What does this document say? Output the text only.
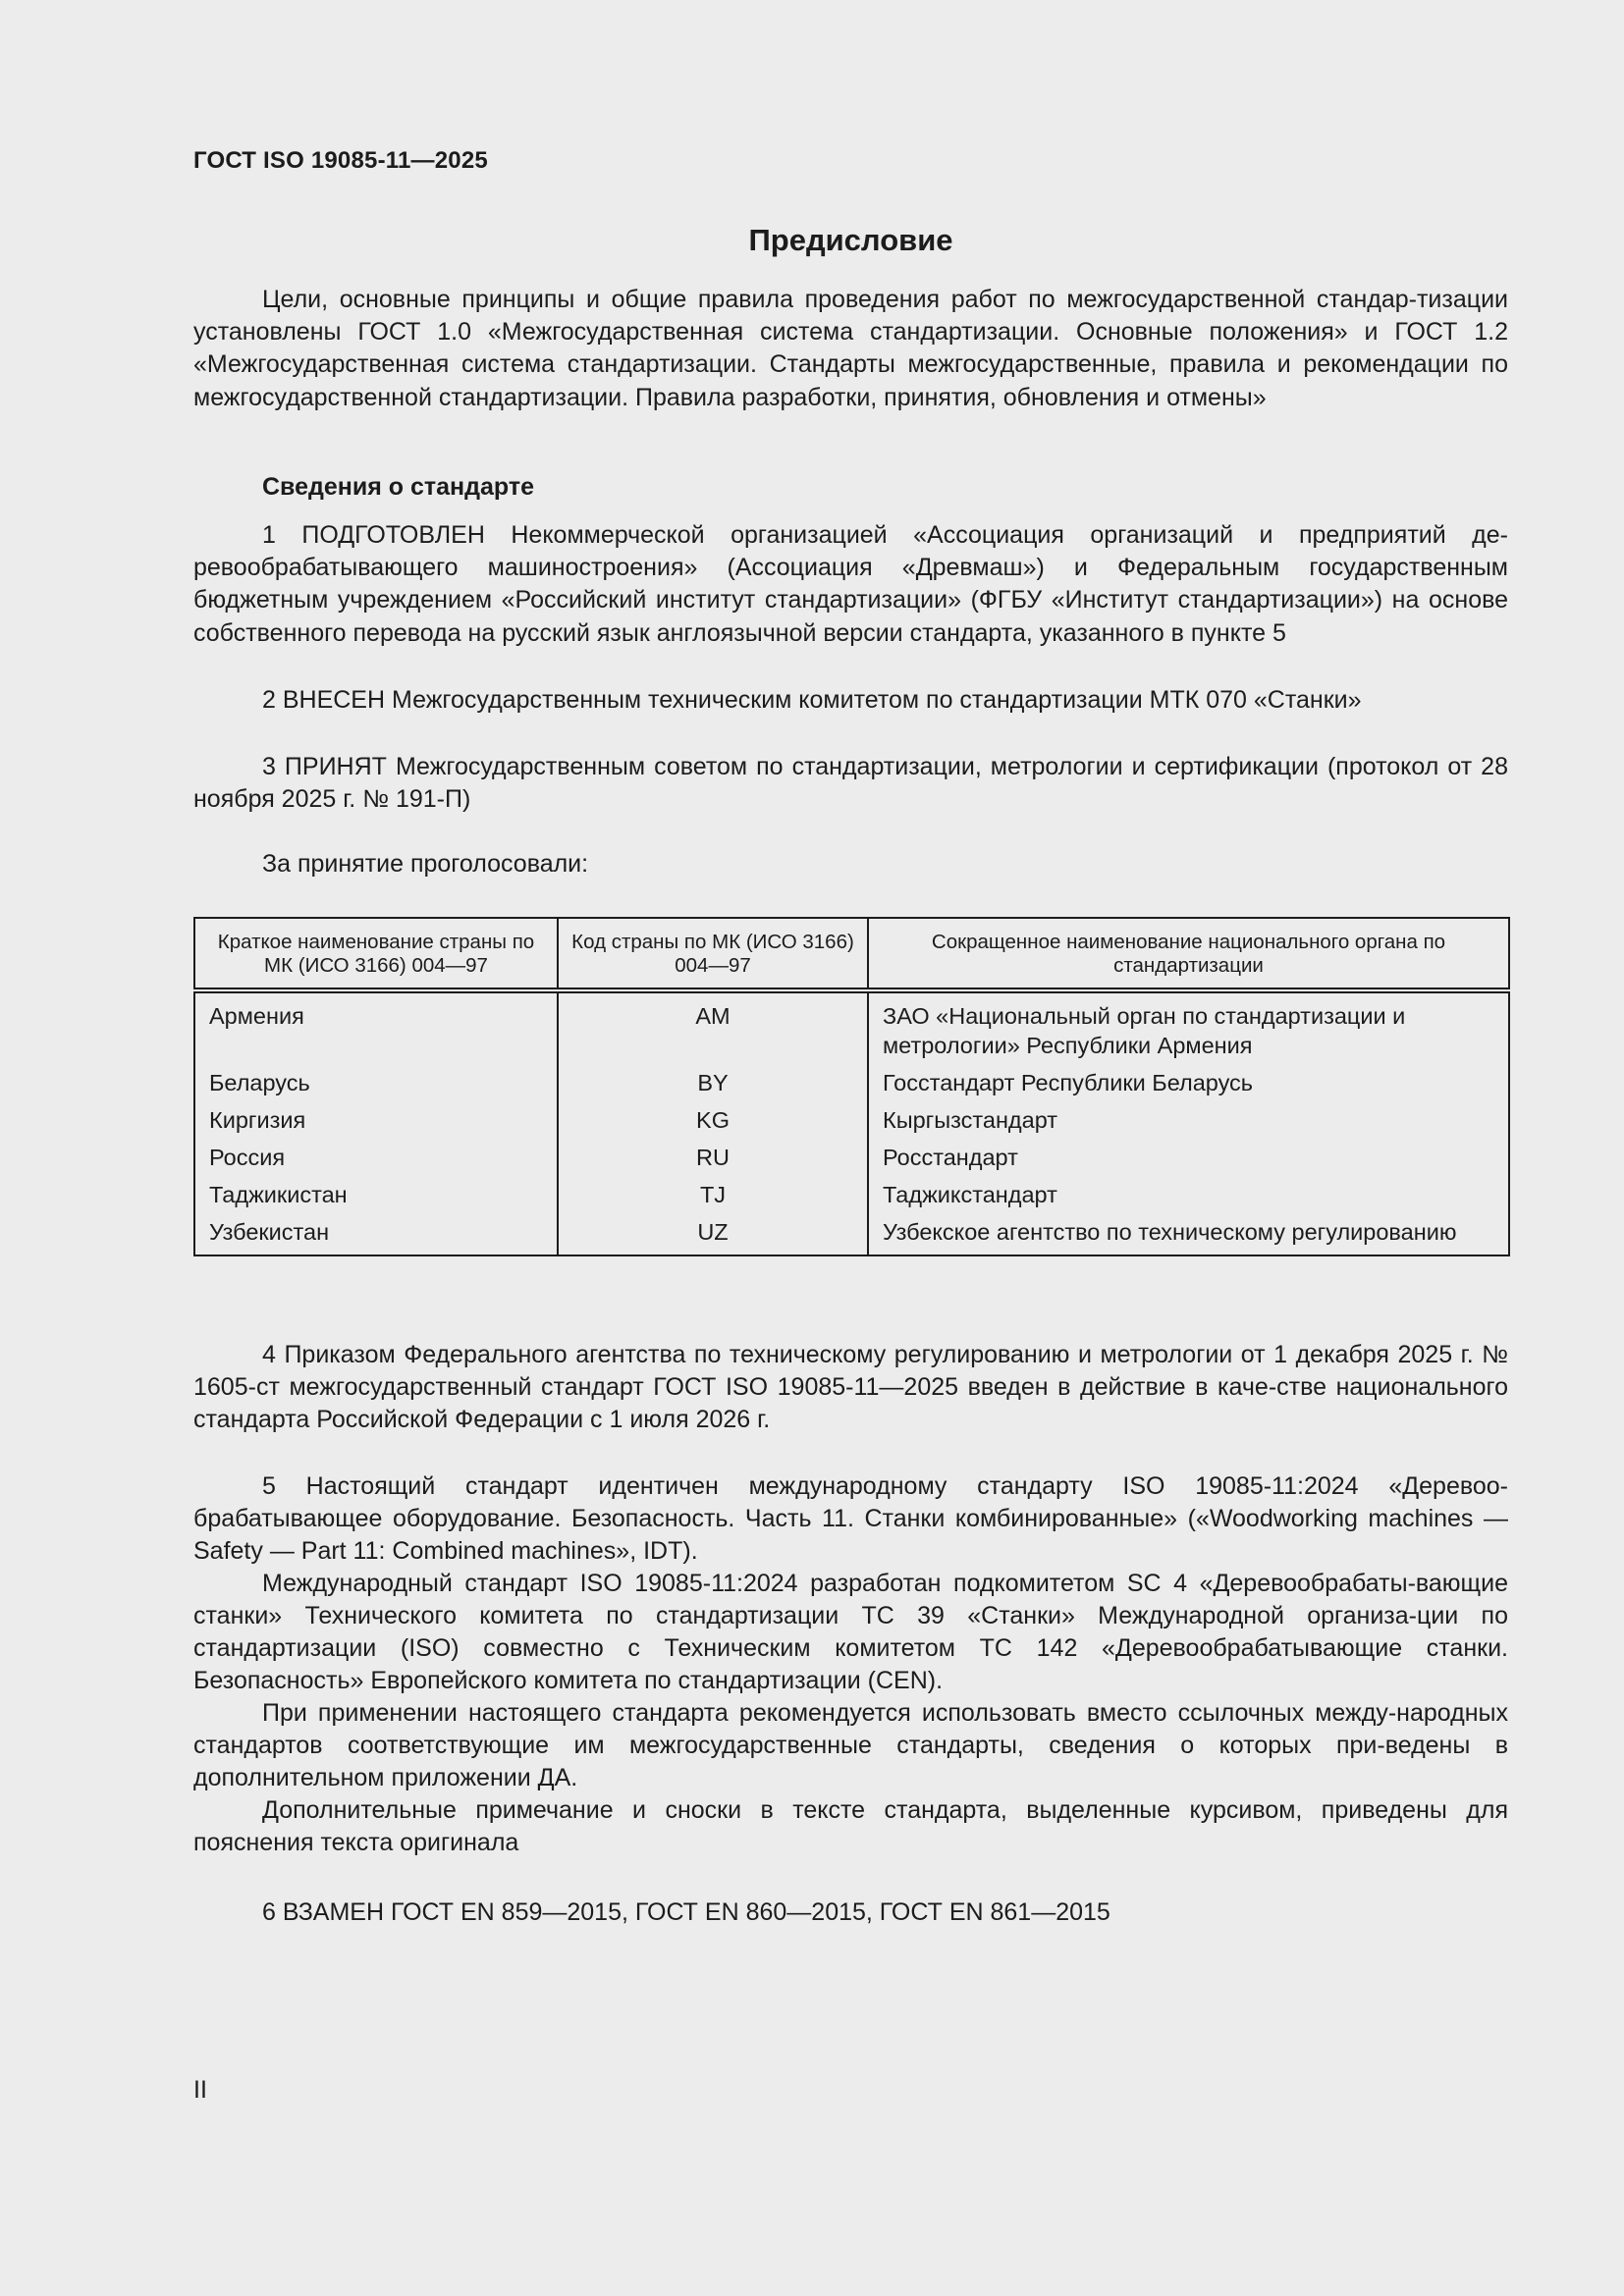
ГОСТ ISO 19085-11—2025
Предисловие

Цели, основные принципы и общие правила проведения работ по межгосударственной стандар-тизации установлены ГОСТ 1.0 «Межгосударственная система стандартизации. Основные положения» и ГОСТ 1.2 «Межгосударственная система стандартизации. Стандарты межгосударственные, правила и рекомендации по межгосударственной стандартизации. Правила разработки, принятия, обновления и отмены»

Сведения о стандарте

1 ПОДГОТОВЛЕН Некоммерческой организацией «Ассоциация организаций и предприятий де-ревообрабатывающего машиностроения» (Ассоциация «Древмаш») и Федеральным государственным бюджетным учреждением «Российский институт стандартизации» (ФГБУ «Институт стандартизации») на основе собственного перевода на русский язык англоязычной версии стандарта, указанного в пункте 5

2 ВНЕСЕН Межгосударственным техническим комитетом по стандартизации МТК 070 «Станки»

3 ПРИНЯТ Межгосударственным советом по стандартизации, метрологии и сертификации (протокол от 28 ноября 2025 г. № 191-П)

За принятие проголосовали:
Краткое наименование страны по МК (ИСО 3166) 004—97	Код страны по МК (ИСО 3166) 004—97	Сокращенное наименование национального органа по стандартизации
Армения	AM	ЗАО «Национальный орган по стандартизации и метрологии» Республики Армения
Беларусь	BY	Госстандарт Республики Беларусь
Киргизия	KG	Кыргызстандарт
Россия	RU	Росстандарт
Таджикистан	TJ	Таджикстандарт
Узбекистан	UZ	Узбекское агентство по техническому регулированию

4 Приказом Федерального агентства по техническому регулированию и метрологии от 1 декабря 2025 г. № 1605-ст межгосударственный стандарт ГОСТ ISO 19085-11—2025 введен в действие в каче-стве национального стандарта Российской Федерации с 1 июля 2026 г.

5 Настоящий стандарт идентичен международному стандарту ISO 19085-11:2024 «Деревоо-брабатывающее оборудование. Безопасность. Часть 11. Станки комбинированные» («Woodworking machines — Safety — Part 11: Combined machines», IDT).

Международный стандарт ISO 19085-11:2024 разработан подкомитетом SC 4 «Деревообрабаты-вающие станки» Технического комитета по стандартизации TC 39 «Станки» Международной организа-ции по стандартизации (ISO) совместно с Техническим комитетом TC 142 «Деревообрабатывающие станки. Безопасность» Европейского комитета по стандартизации (CEN).

При применении настоящего стандарта рекомендуется использовать вместо ссылочных между-народных стандартов соответствующие им межгосударственные стандарты, сведения о которых при-ведены в дополнительном приложении ДА.

Дополнительные примечание и сноски в тексте стандарта, выделенные курсивом, приведены для пояснения текста оригинала

6 ВЗАМЕН ГОСТ EN 859—2015, ГОСТ EN 860—2015, ГОСТ EN 861—2015

II
